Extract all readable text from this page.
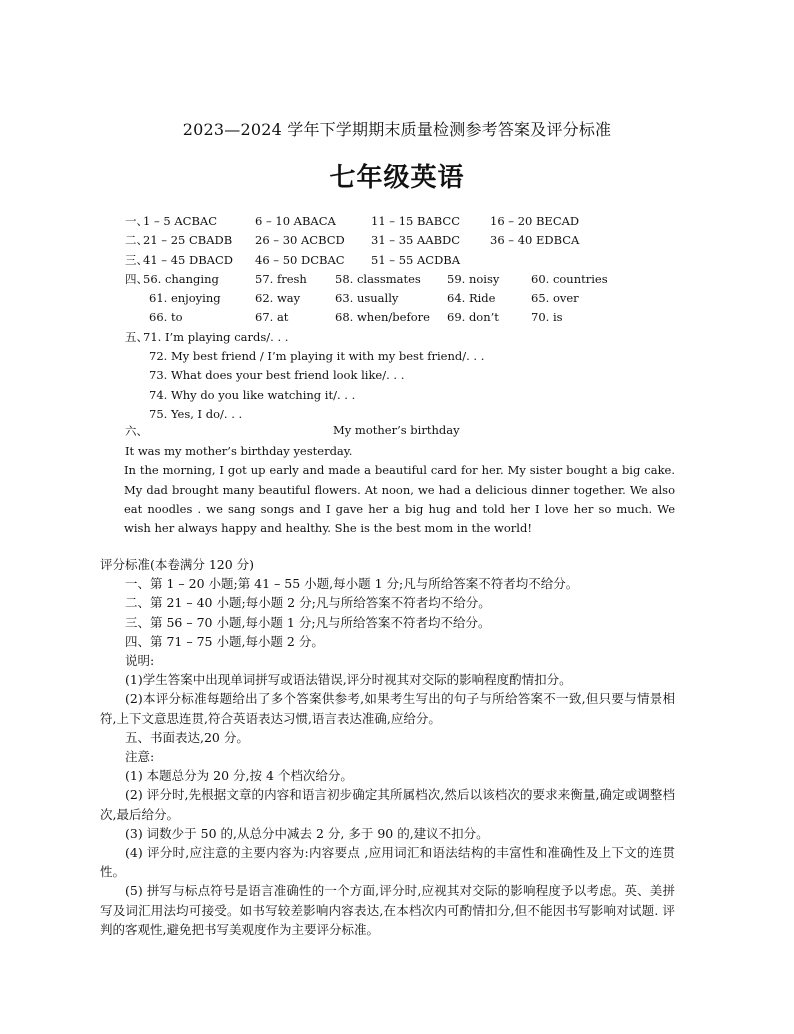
2023—2024 学年下学期期末质量检测参考答案及评分标准
七年级英语
一、
1 – 5 ACBAC	6 – 10 ABACA	11 – 15 BABCC	16 – 20 BECAD
二、
21 – 25 CBADB 26 – 30 ACBCD 31 – 35 AABDC	36 – 40 EDBCA
三、
41 – 45 DBACD 46 – 50 DCBAC 51 – 55 ACDBA
四、
56. changing	57. fresh 58. classmates 59. noisy	60. countries
61. enjoying	62. way	63. usually	64. Ride	65. over
66. to	67. at	68. when/before 69. don’t	70. is
五、
71. I’m playing cards/. . .
72. My best friend / I’m playing it with my best friend/. . .
73. What does your best friend look like/. . .
74. Why do you like watching it/. . .
75. Yes, I do/. . .
六、	My mother’s birthday

It was my mother’s birthday yesterday.

In the morning, I got up early and made a beautiful card for her. My sister bought a big cake. My dad brought many beautiful flowers. At noon, we had a delicious dinner together. We also eat noodles . we sang songs and I gave her a big hug and told her I love her so much. We wish her always happy and healthy. She is the best mom in the world!

评分标准(本卷满分 120 分)

一、第 1 – 20 小题;第 41 – 55 小题,每小题 1 分;凡与所给答案不符者均不给分。

二、第 21 – 40 小题;每小题 2 分;凡与所给答案不符者均不给分。

三、第 56 – 70 小题,每小题 1 分;凡与所给答案不符者均不给分。

四、第 71 – 75 小题,每小题 2 分。

说明:

(1)学生答案中出现单词拼写或语法错误,评分时视其对交际的影响程度酌情扣分。

(2)本评分标准每题给出了多个答案供参考,如果考生写出的句子与所给答案不一致,但只要与情景相符,上下文意思连贯,符合英语表达习惯,语言表达准确,应给分。

五、书面表达,20 分。

注意:

(1) 本题总分为 20 分,按 4 个档次给分。

(2) 评分时,先根据文章的内容和语言初步确定其所属档次,然后以该档次的要求来衡量,确定或调整档次,最后给分。

(3) 词数少于 50 的,从总分中减去 2 分, 多于 90 的,建议不扣分。

(4) 评分时,应注意的主要内容为:内容要点 ,应用词汇和语法结构的丰富性和准确性及上下文的连贯性。

(5) 拼写与标点符号是语言准确性的一个方面,评分时,应视其对交际的影响程度予以考虑。英、美拼写及词汇用法均可接受。如书写较差影响内容表达,在本档次内可酌情扣分,但不能因书写影响对试题. 评判的客观性,避免把书写美观度作为主要评分标准。
